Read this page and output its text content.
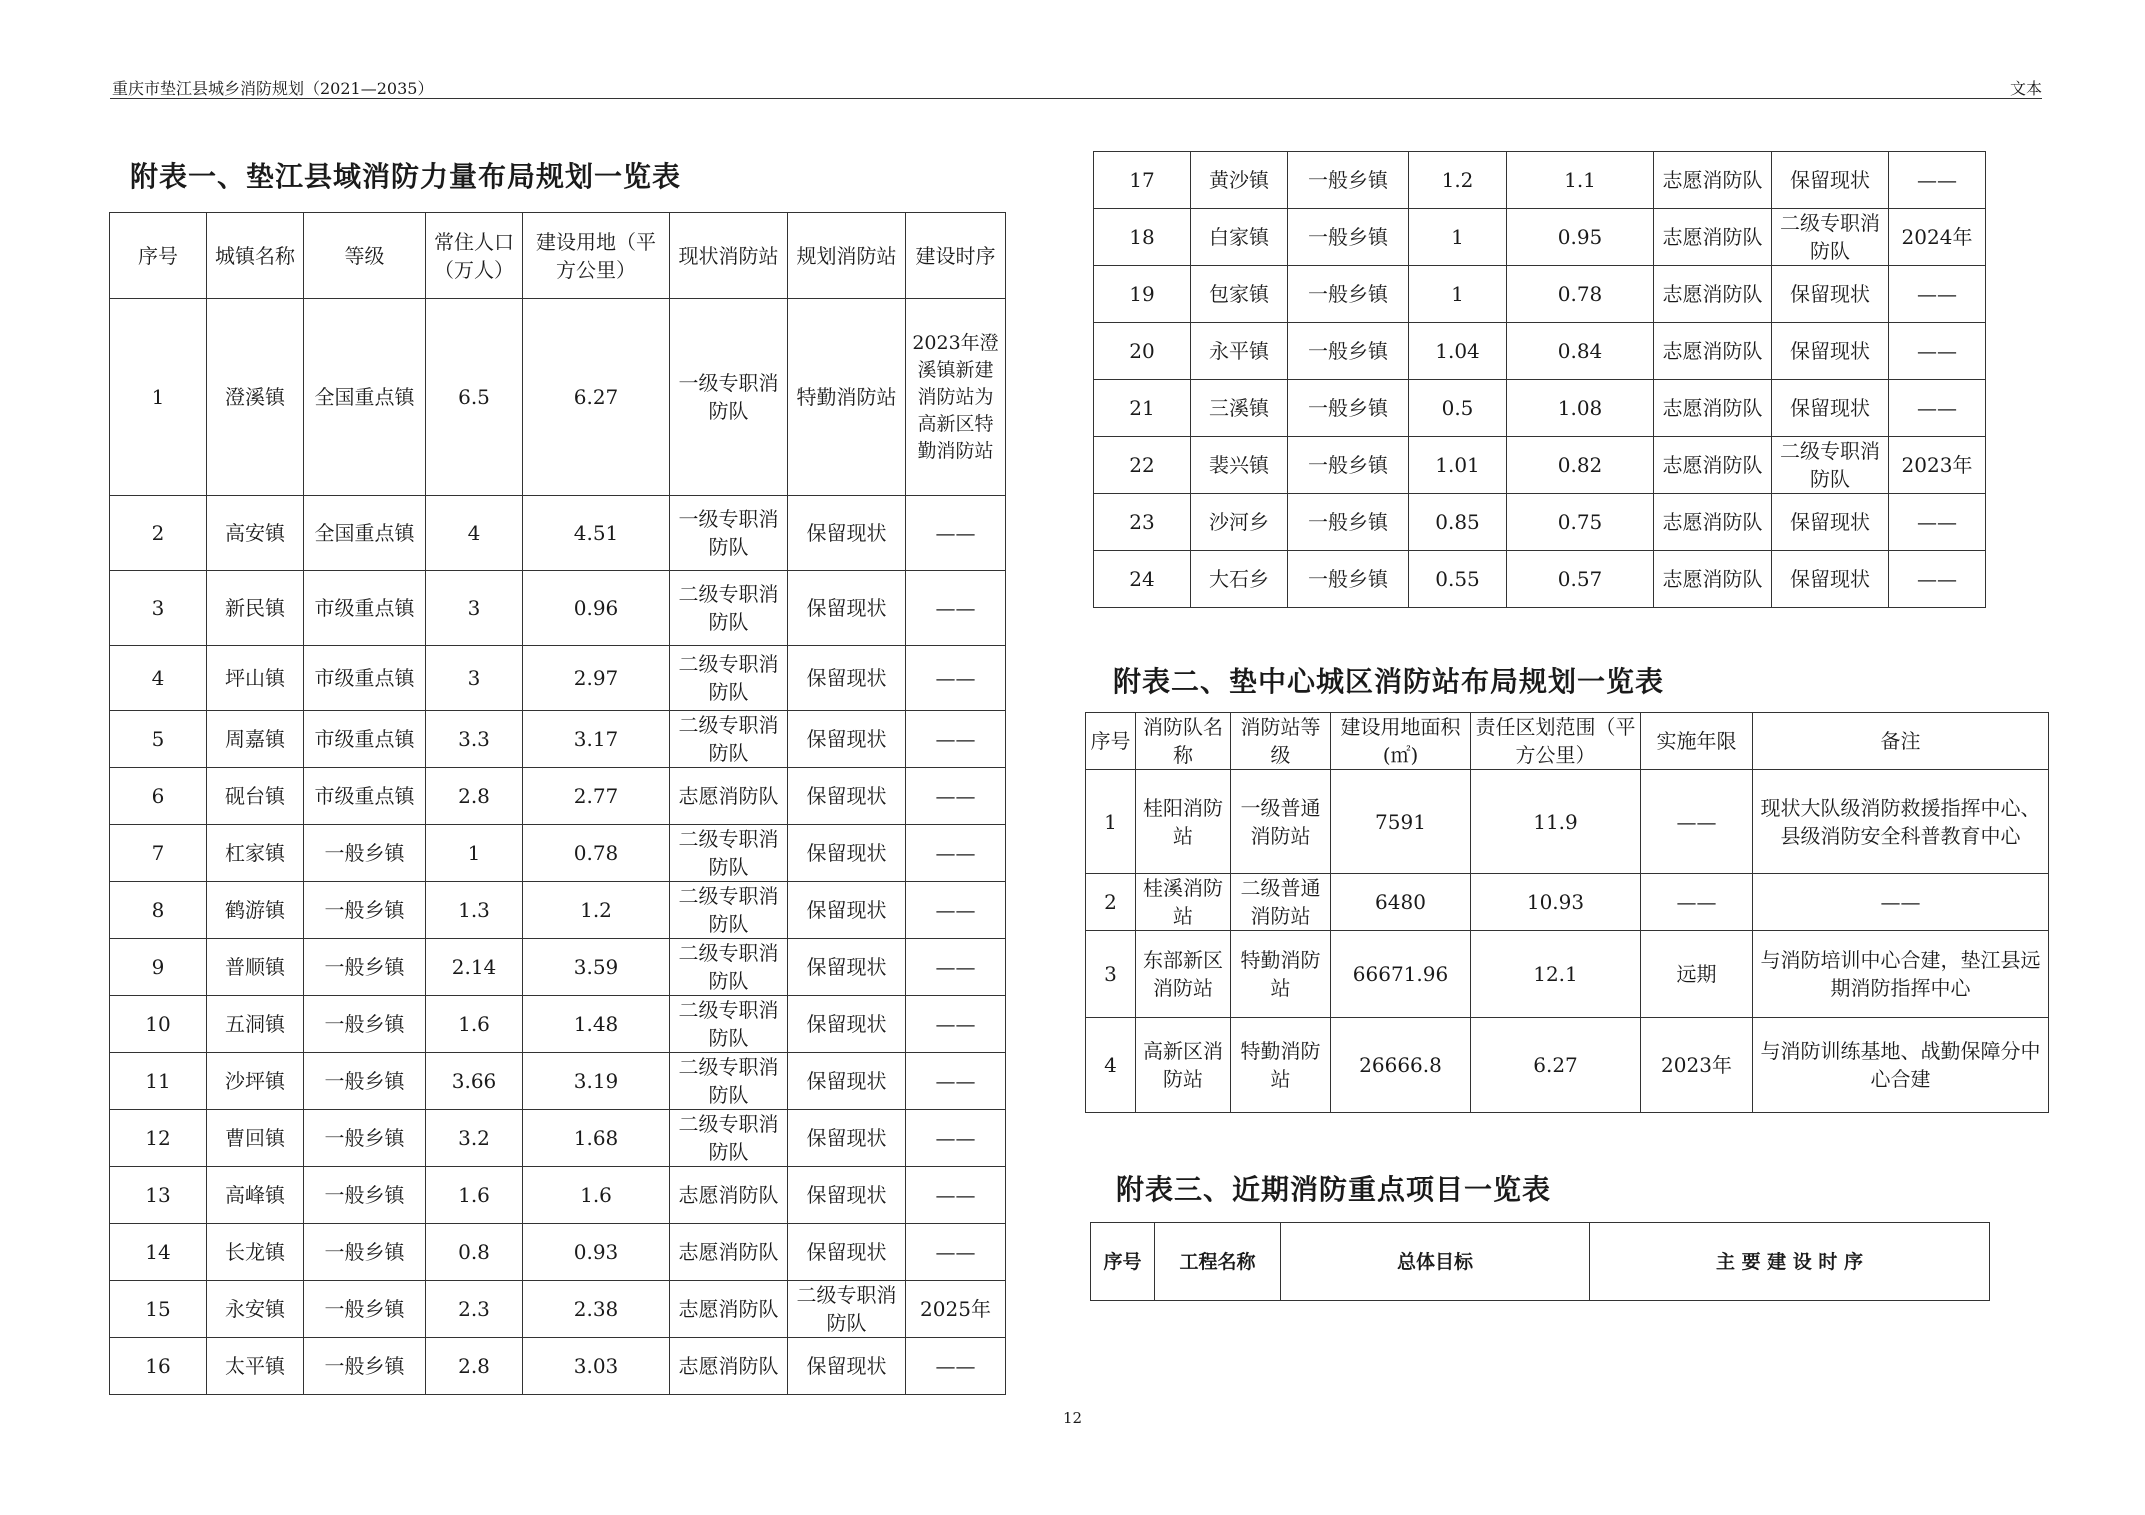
重庆市垫江县城乡消防规划（2021—2035）	文本
附表一、垫江县域消防力量布局规划一览表
序号	城镇名称	等级	常住人口（万人）	建设用地（平方公里）	现状消防站	规划消防站	建设时序
1	澄溪镇	全国重点镇	6.5	6.27	一级专职消防队	特勤消防站	2023年澄溪镇新建消防站为高新区特勤消防站
2	高安镇	全国重点镇	4	4.51	一级专职消防队	保留现状	——
3	新民镇	市级重点镇	3	0.96	二级专职消防队	保留现状	——
4	坪山镇	市级重点镇	3	2.97	二级专职消防队	保留现状	——
5	周嘉镇	市级重点镇	3.3	3.17	二级专职消防队	保留现状	——
6	砚台镇	市级重点镇	2.8	2.77	志愿消防队	保留现状	——
7	杠家镇	一般乡镇	1	0.78	二级专职消防队	保留现状	——
8	鹤游镇	一般乡镇	1.3	1.2	二级专职消防队	保留现状	——
9	普顺镇	一般乡镇	2.14	3.59	二级专职消防队	保留现状	——
10	五洞镇	一般乡镇	1.6	1.48	二级专职消防队	保留现状	——
11	沙坪镇	一般乡镇	3.66	3.19	二级专职消防队	保留现状	——
12	曹回镇	一般乡镇	3.2	1.68	二级专职消防队	保留现状	——
13	高峰镇	一般乡镇	1.6	1.6	志愿消防队	保留现状	——
14	长龙镇	一般乡镇	0.8	0.93	志愿消防队	保留现状	——
15	永安镇	一般乡镇	2.3	2.38	志愿消防队	二级专职消防队	2025年
16	太平镇	一般乡镇	2.8	3.03	志愿消防队	保留现状	——
17	黄沙镇	一般乡镇	1.2	1.1	志愿消防队	保留现状	——
18	白家镇	一般乡镇	1	0.95	志愿消防队	二级专职消防队	2024年
19	包家镇	一般乡镇	1	0.78	志愿消防队	保留现状	——
20	永平镇	一般乡镇	1.04	0.84	志愿消防队	保留现状	——
21	三溪镇	一般乡镇	0.5	1.08	志愿消防队	保留现状	——
22	裴兴镇	一般乡镇	1.01	0.82	志愿消防队	二级专职消防队	2023年
23	沙河乡	一般乡镇	0.85	0.75	志愿消防队	保留现状	——
24	大石乡	一般乡镇	0.55	0.57	志愿消防队	保留现状	——
附表二、垫中心城区消防站布局规划一览表
序号	消防队名称	消防站等级	建设用地面积(㎡)	责任区划范围（平方公里）	实施年限	备注
1	桂阳消防站	一级普通消防站	7591	11.9	——	现状大队级消防救援指挥中心、县级消防安全科普教育中心
2	桂溪消防站	二级普通消防站	6480	10.93	——	——
3	东部新区消防站	特勤消防站	66671.96	12.1	远期	与消防培训中心合建，垫江县远期消防指挥中心
4	高新区消防站	特勤消防站	26666.8	6.27	2023年	与消防训练基地、战勤保障分中心合建
附表三、近期消防重点项目一览表
序号	工程名称	总体目标	主 要 建 设 时 序
12
